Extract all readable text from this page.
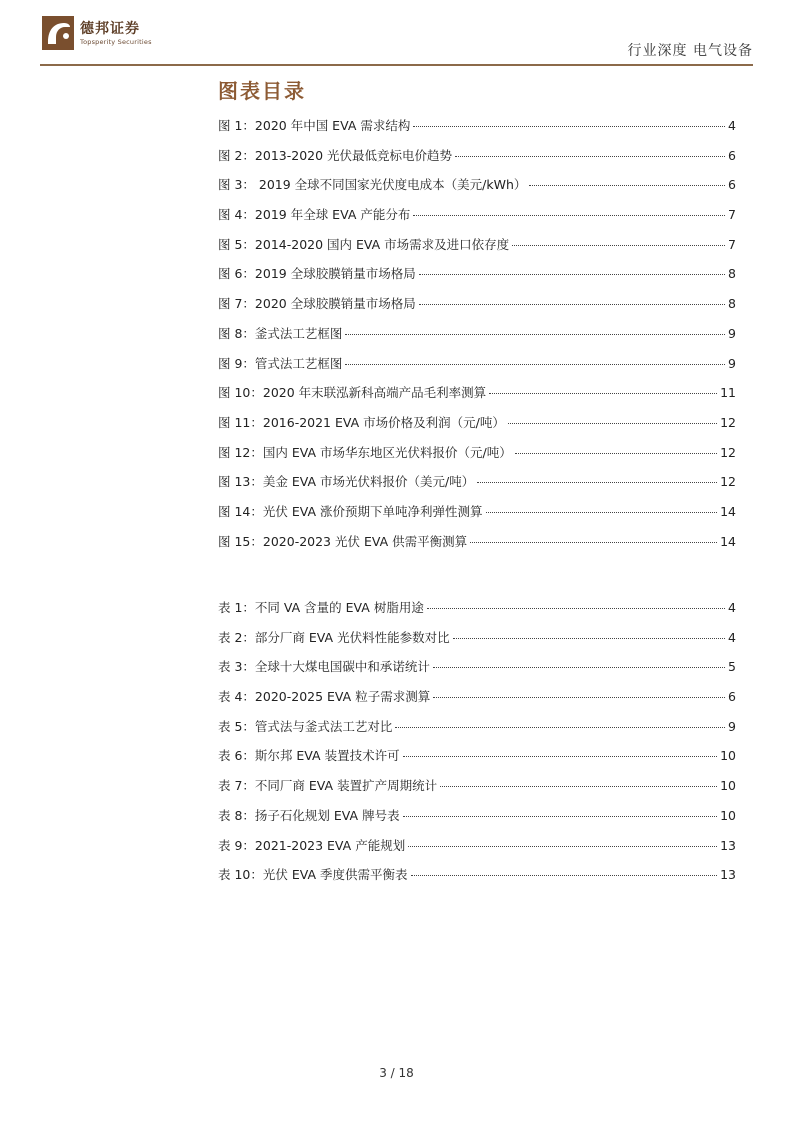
德邦证券
Topsperity Securities
行业深度 电气设备
图表目录
图 1：2020 年中国 EVA 需求结构	4
图 2：2013-2020 光伏最低竞标电价趋势	6
图 3： 2019 全球不同国家光伏度电成本（美元/kWh）	6
图 4：2019 年全球 EVA 产能分布	7
图 5：2014-2020 国内 EVA 市场需求及进口依存度	7
图 6：2019 全球胶膜销量市场格局	8
图 7：2020 全球胶膜销量市场格局	8
图 8：釜式法工艺框图	9
图 9：管式法工艺框图	9
图 10：2020 年末联泓新科高端产品毛利率测算	11
图 11：2016-2021 EVA 市场价格及利润（元/吨）	12
图 12：国内 EVA 市场华东地区光伏料报价（元/吨）	12
图 13：美金 EVA 市场光伏料报价（美元/吨）	12
图 14：光伏 EVA 涨价预期下单吨净利弹性测算	14
图 15：2020-2023 光伏 EVA 供需平衡测算	14
表 1：不同 VA 含量的 EVA 树脂用途	4
表 2：部分厂商 EVA 光伏料性能参数对比	4
表 3：全球十大煤电国碳中和承诺统计	5
表 4：2020-2025 EVA 粒子需求测算	6
表 5：管式法与釜式法工艺对比	9
表 6：斯尔邦 EVA 装置技术许可	10
表 7：不同厂商 EVA 装置扩产周期统计	10
表 8：扬子石化规划 EVA 牌号表	10
表 9：2021-2023 EVA 产能规划	13
表 10：光伏 EVA 季度供需平衡表	13
3 / 18
